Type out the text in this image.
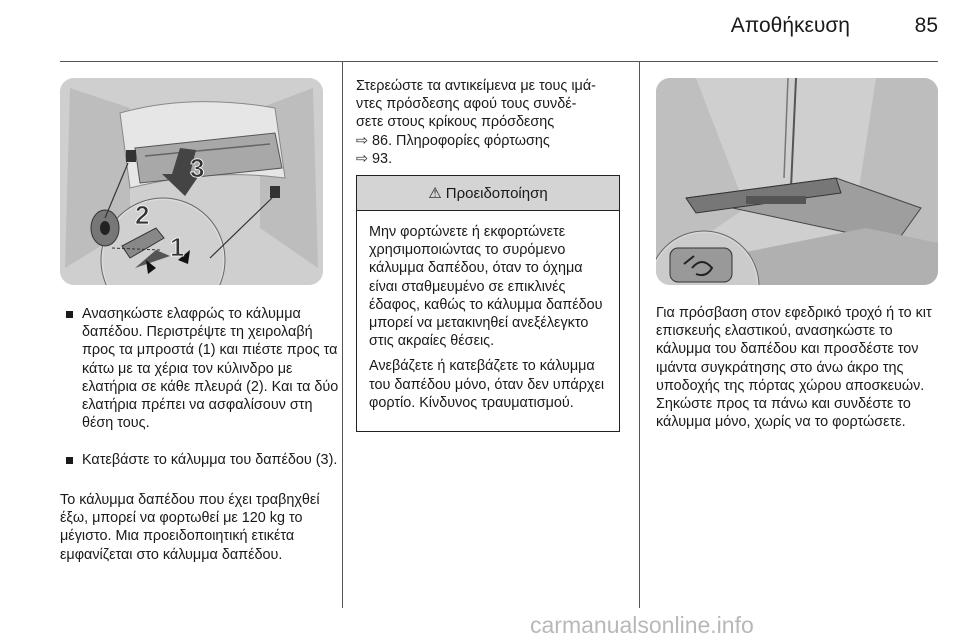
Αποθήκευση	85
3
2
1
Ανασηκώστε ελαφρώς το κάλυμμα δαπέδου. Περιστρέψτε τη χειρολαβή προς τα μπροστά (1) και πιέστε προς τα κάτω με τα χέρια τον κύλινδρο με ελατήρια σε κάθε πλευρά (2). Και τα δύο ελατήρια πρέπει να ασφαλίσουν στη θέση τους.
Κατεβάστε το κάλυμμα του δαπέδου (3).
Το κάλυμμα δαπέδου που έχει τραβηχθεί έξω, μπορεί να φορτωθεί με 120 kg το μέγιστο. Μια προειδοποιητική ετικέτα εμφανίζεται στο κάλυμμα δαπέδου.
Στερεώστε τα αντικείμενα με τους ιμά-
ντες πρόσδεσης αφού τους συνδέ-
σετε στους κρίκους πρόσδεσης
⇨ 86. Πληροφορίες φόρτωσης
⇨ 93.
⚠ Προειδοποίηση

Μην φορτώνετε ή εκφορτώνετε χρησιμοποιώντας το συρόμενο κάλυμμα δαπέδου, όταν το όχημα είναι σταθμευμένο σε επικλινές έδαφος, καθώς το κάλυμμα δαπέδου μπορεί να μετακινηθεί ανεξέλεγκτο στις ακραίες θέσεις.

Ανεβάζετε ή κατεβάζετε το κάλυμμα του δαπέδου μόνο, όταν δεν υπάρχει φορτίο. Κίνδυνος τραυματισμού.

Για πρόσβαση στον εφεδρικό τροχό ή το κιτ επισκευής ελαστικού, ανασηκώστε το κάλυμμα του δαπέδου και προσδέστε τον ιμάντα συγκράτησης στο άνω άκρο της υποδοχής της πόρτας χώρου αποσκευών. Σηκώστε προς τα πάνω και συνδέστε το κάλυμμα μόνο, χωρίς να το φορτώσετε.
carmanualsonline.info
